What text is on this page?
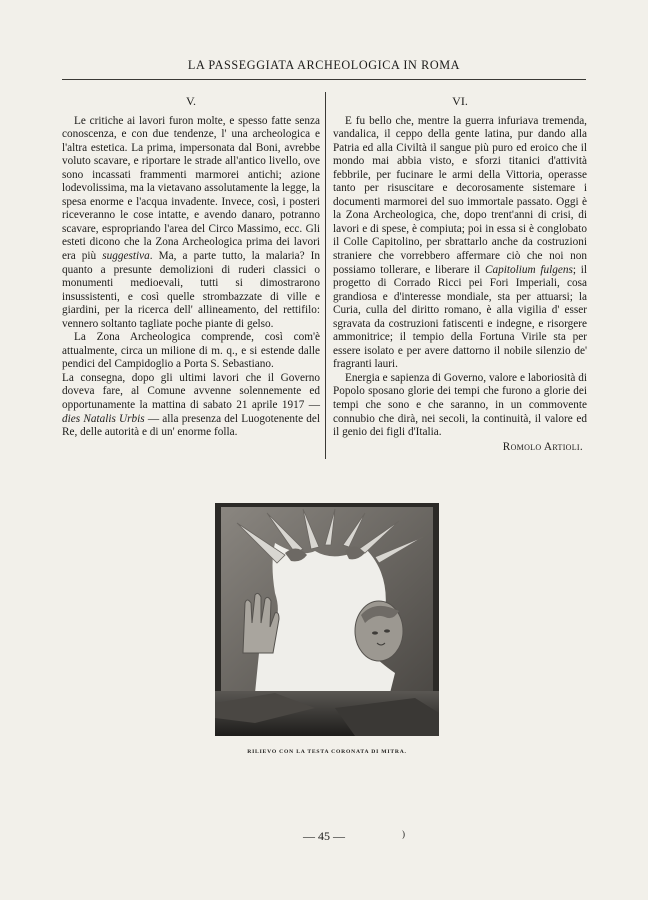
LA PASSEGGIATA ARCHEOLOGICA IN ROMA
V.

Le critiche ai lavori furon molte, e spesso fatte senza conoscenza, e con due tendenze, l' una archeologica e l'altra estetica. La prima, impersonata dal Boni, avrebbe voluto scavare, e riportare le strade all'antico livello, ove sono incassati frammenti marmorei antichi; azione lodevolissima, ma la vietavano assolutamente la legge, la spesa enorme e l'acqua invadente. Invece, così, i posteri riceveranno le cose intatte, e avendo danaro, potranno scavare, espropriando l'area del Circo Massimo, ecc. Gli esteti dicono che la Zona Archeologica prima dei lavori era più suggestiva. Ma, a parte tutto, la malaria? In quanto a presunte demolizioni di ruderi classici o monumenti medioevali, tutti si dimostrarono insussistenti, e così quelle strombazzate di ville e giardini, per la ricerca dell' allineamento, del rettifilo: vennero soltanto tagliate poche piante di gelso.

La Zona Archeologica comprende, così com'è attualmente, circa un milione di m. q., e si estende dalle pendici del Campidoglio a Porta S. Sebastiano.

La consegna, dopo gli ultimi lavori che il Governo doveva fare, al Comune avvenne solennemente ed opportunamente la mattina di sabato 21 aprile 1917 — dies Natalis Urbis — alla presenza del Luogotenente del Re, delle autorità e di un' enorme folla.

VI.

E fu bello che, mentre la guerra infuriava tremenda, vandalica, il ceppo della gente latina, pur dando alla Patria ed alla Civiltà il sangue più puro ed eroico che il mondo mai abbia visto, e sforzi titanici d'attività febbrile, per fucinare le armi della Vittoria, operasse tanto per risuscitare e decorosamente sistemare i documenti marmorei del suo immortale passato. Oggi è la Zona Archeologica, che, dopo trent'anni di crisi, di lavori e di spese, è compiuta; poi in essa si è conglobato il Colle Capitolino, per sbrattarlo anche da costruzioni straniere che vorrebbero affermare ciò che noi non possiamo tollerare, e liberare il Capitolium fulgens; il progetto di Corrado Ricci pei Fori Imperiali, cosa grandiosa e d'interesse mondiale, sta per attuarsi; la Curia, culla del diritto romano, è alla vigilia d' esser sgravata da costruzioni fatiscenti e indegne, e risorgere ammonitrice; il tempio della Fortuna Virile sta per essere isolato e per avere dattorno il nobile silenzio de' fragranti lauri.

Energia e sapienza di Governo, valore e laboriosità di Popolo sposano glorie dei tempi che furono a glorie dei tempi che sono e che saranno, in un commovente connubio che dirà, nei secoli, la continuità, il valore ed il genio dei figli d'Italia.

Romolo Artioli.
RILIEVO CON LA TESTA CORONATA DI MITRA.
— 45 —	)
